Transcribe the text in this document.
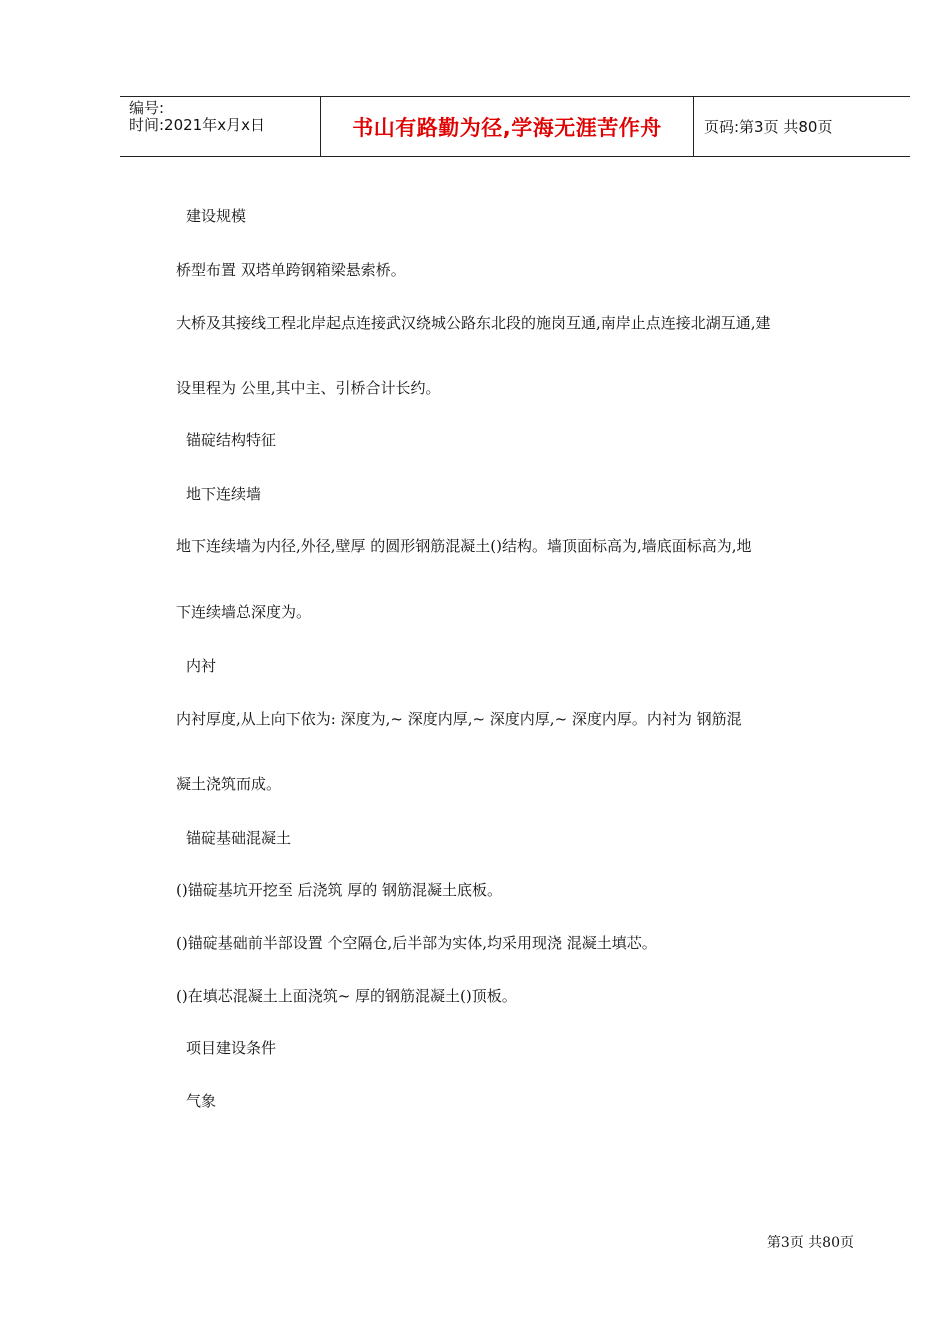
编号:
时间:2021年x月x日	书山有路勤为径,学海无涯苦作舟	页码:第3页 共80页
建设规模
桥型布置 双塔单跨钢箱梁悬索桥。
大桥及其接线工程北岸起点连接武汉绕城公路东北段的施岗互通,南岸止点连接北湖互通,建
设里程为 公里,其中主、引桥合计长约。
锚碇结构特征
地下连续墙
地下连续墙为内径,外径,壁厚 的圆形钢筋混凝土()结构。墙顶面标高为,墙底面标高为,地
下连续墙总深度为。
内衬
内衬厚度,从上向下依为: 深度为,~ 深度内厚,~ 深度内厚,~ 深度内厚。内衬为 钢筋混
凝土浇筑而成。
锚碇基础混凝土
()锚碇基坑开挖至 后浇筑 厚的 钢筋混凝土底板。
()锚碇基础前半部设置 个空隔仓,后半部为实体,均采用现浇 混凝土填芯。
()在填芯混凝土上面浇筑~ 厚的钢筋混凝土()顶板。
项目建设条件
气象
第3页 共80页
